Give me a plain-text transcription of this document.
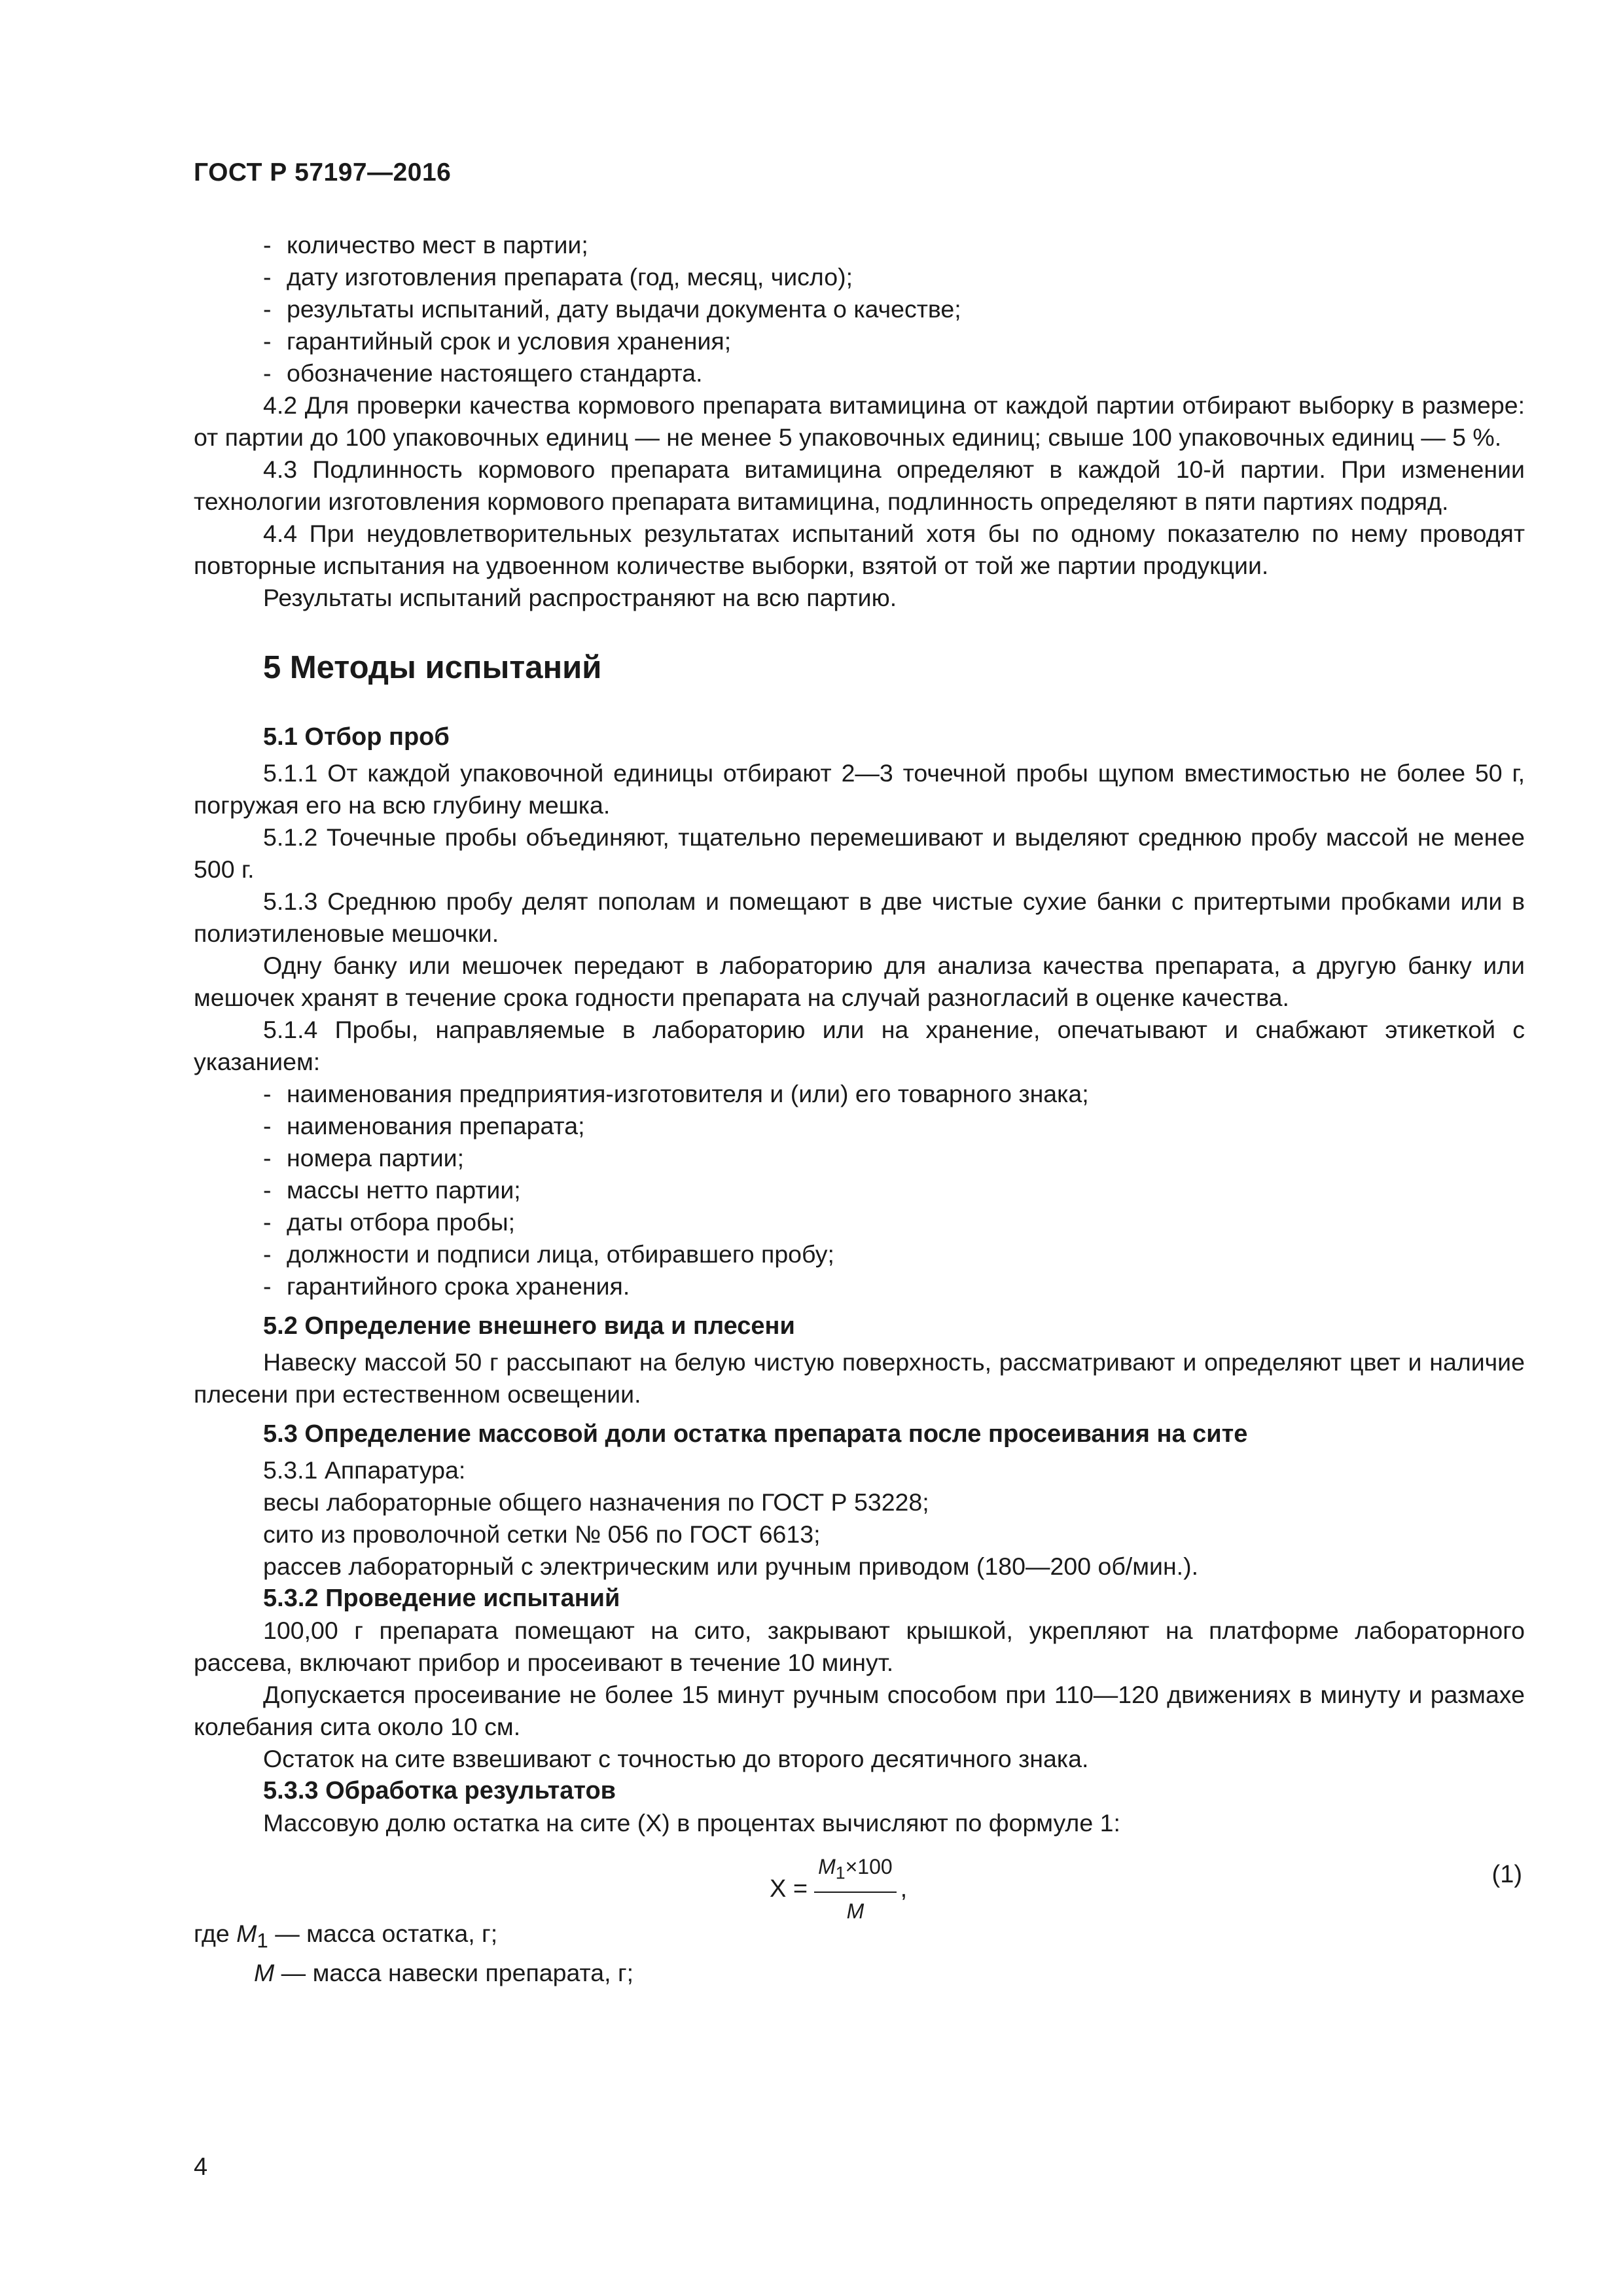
ГОСТ Р 57197—2016

- количество мест в партии;

- дату изготовления препарата (год, месяц, число);

- результаты испытаний, дату выдачи документа о качестве;

- гарантийный срок и условия хранения;

- обозначение настоящего стандарта.

4.2 Для проверки качества кормового препарата витамицина от каждой партии отбирают выборку в размере: от партии до 100 упаковочных единиц — не менее 5 упаковочных единиц; свыше 100 упаковочных единиц — 5 %.

4.3 Подлинность кормового препарата витамицина определяют в каждой 10-й партии. При изменении технологии изготовления кормового препарата витамицина, подлинность определяют в пяти партиях подряд.

4.4 При неудовлетворительных результатах испытаний хотя бы по одному показателю по нему проводят повторные испытания на удвоенном количестве выборки, взятой от той же партии продукции.

Результаты испытаний распространяют на всю партию.

5 Методы испытаний
5.1 Отбор проб

5.1.1 От каждой упаковочной единицы отбирают 2—3 точечной пробы щупом вместимостью не более 50 г, погружая его на всю глубину мешка.

5.1.2 Точечные пробы объединяют, тщательно перемешивают и выделяют среднюю пробу массой не менее 500 г.

5.1.3 Среднюю пробу делят пополам и помещают в две чистые сухие банки с притертыми пробками или в полиэтиленовые мешочки.

Одну банку или мешочек передают в лабораторию для анализа качества препарата, а другую банку или мешочек хранят в течение срока годности препарата на случай разногласий в оценке качества.

5.1.4 Пробы, направляемые в лабораторию или на хранение, опечатывают и снабжают этикеткой с указанием:

- наименования предприятия-изготовителя и (или) его товарного знака;

- наименования препарата;

- номера партии;

- массы нетто партии;

- даты отбора пробы;

- должности и подписи лица, отбиравшего пробу;

- гарантийного срока хранения.

5.2 Определение внешнего вида и плесени

Навеску массой 50 г рассыпают на белую чистую поверхность, рассматривают и определяют цвет и наличие плесени при естественном освещении.

5.3 Определение массовой доли остатка препарата после просеивания на сите

5.3.1 Аппаратура:

весы лабораторные общего назначения по ГОСТ Р 53228;

сито из проволочной сетки № 056 по ГОСТ 6613;

рассев лабораторный с электрическим или ручным приводом (180—200 об/мин.).

5.3.2 Проведение испытаний

100,00 г препарата помещают на сито, закрывают крышкой, укрепляют на платформе лабораторного рассева, включают прибор и просеивают в течение 10 минут.

Допускается просеивание не более 15 минут ручным способом при 110—120 движениях в минуту и размахе колебания сита около 10 см.

Остаток на сите взвешивают с точностью до второго десятичного знака.

5.3.3 Обработка результатов

Массовую долю остатка на сите (X) в процентах вычисляют по формуле 1:

$X = \frac{M_1\times 100}{M}$ ,
(1)

где $M_1$ — масса остатка, г;

M — масса навески препарата, г;

4
